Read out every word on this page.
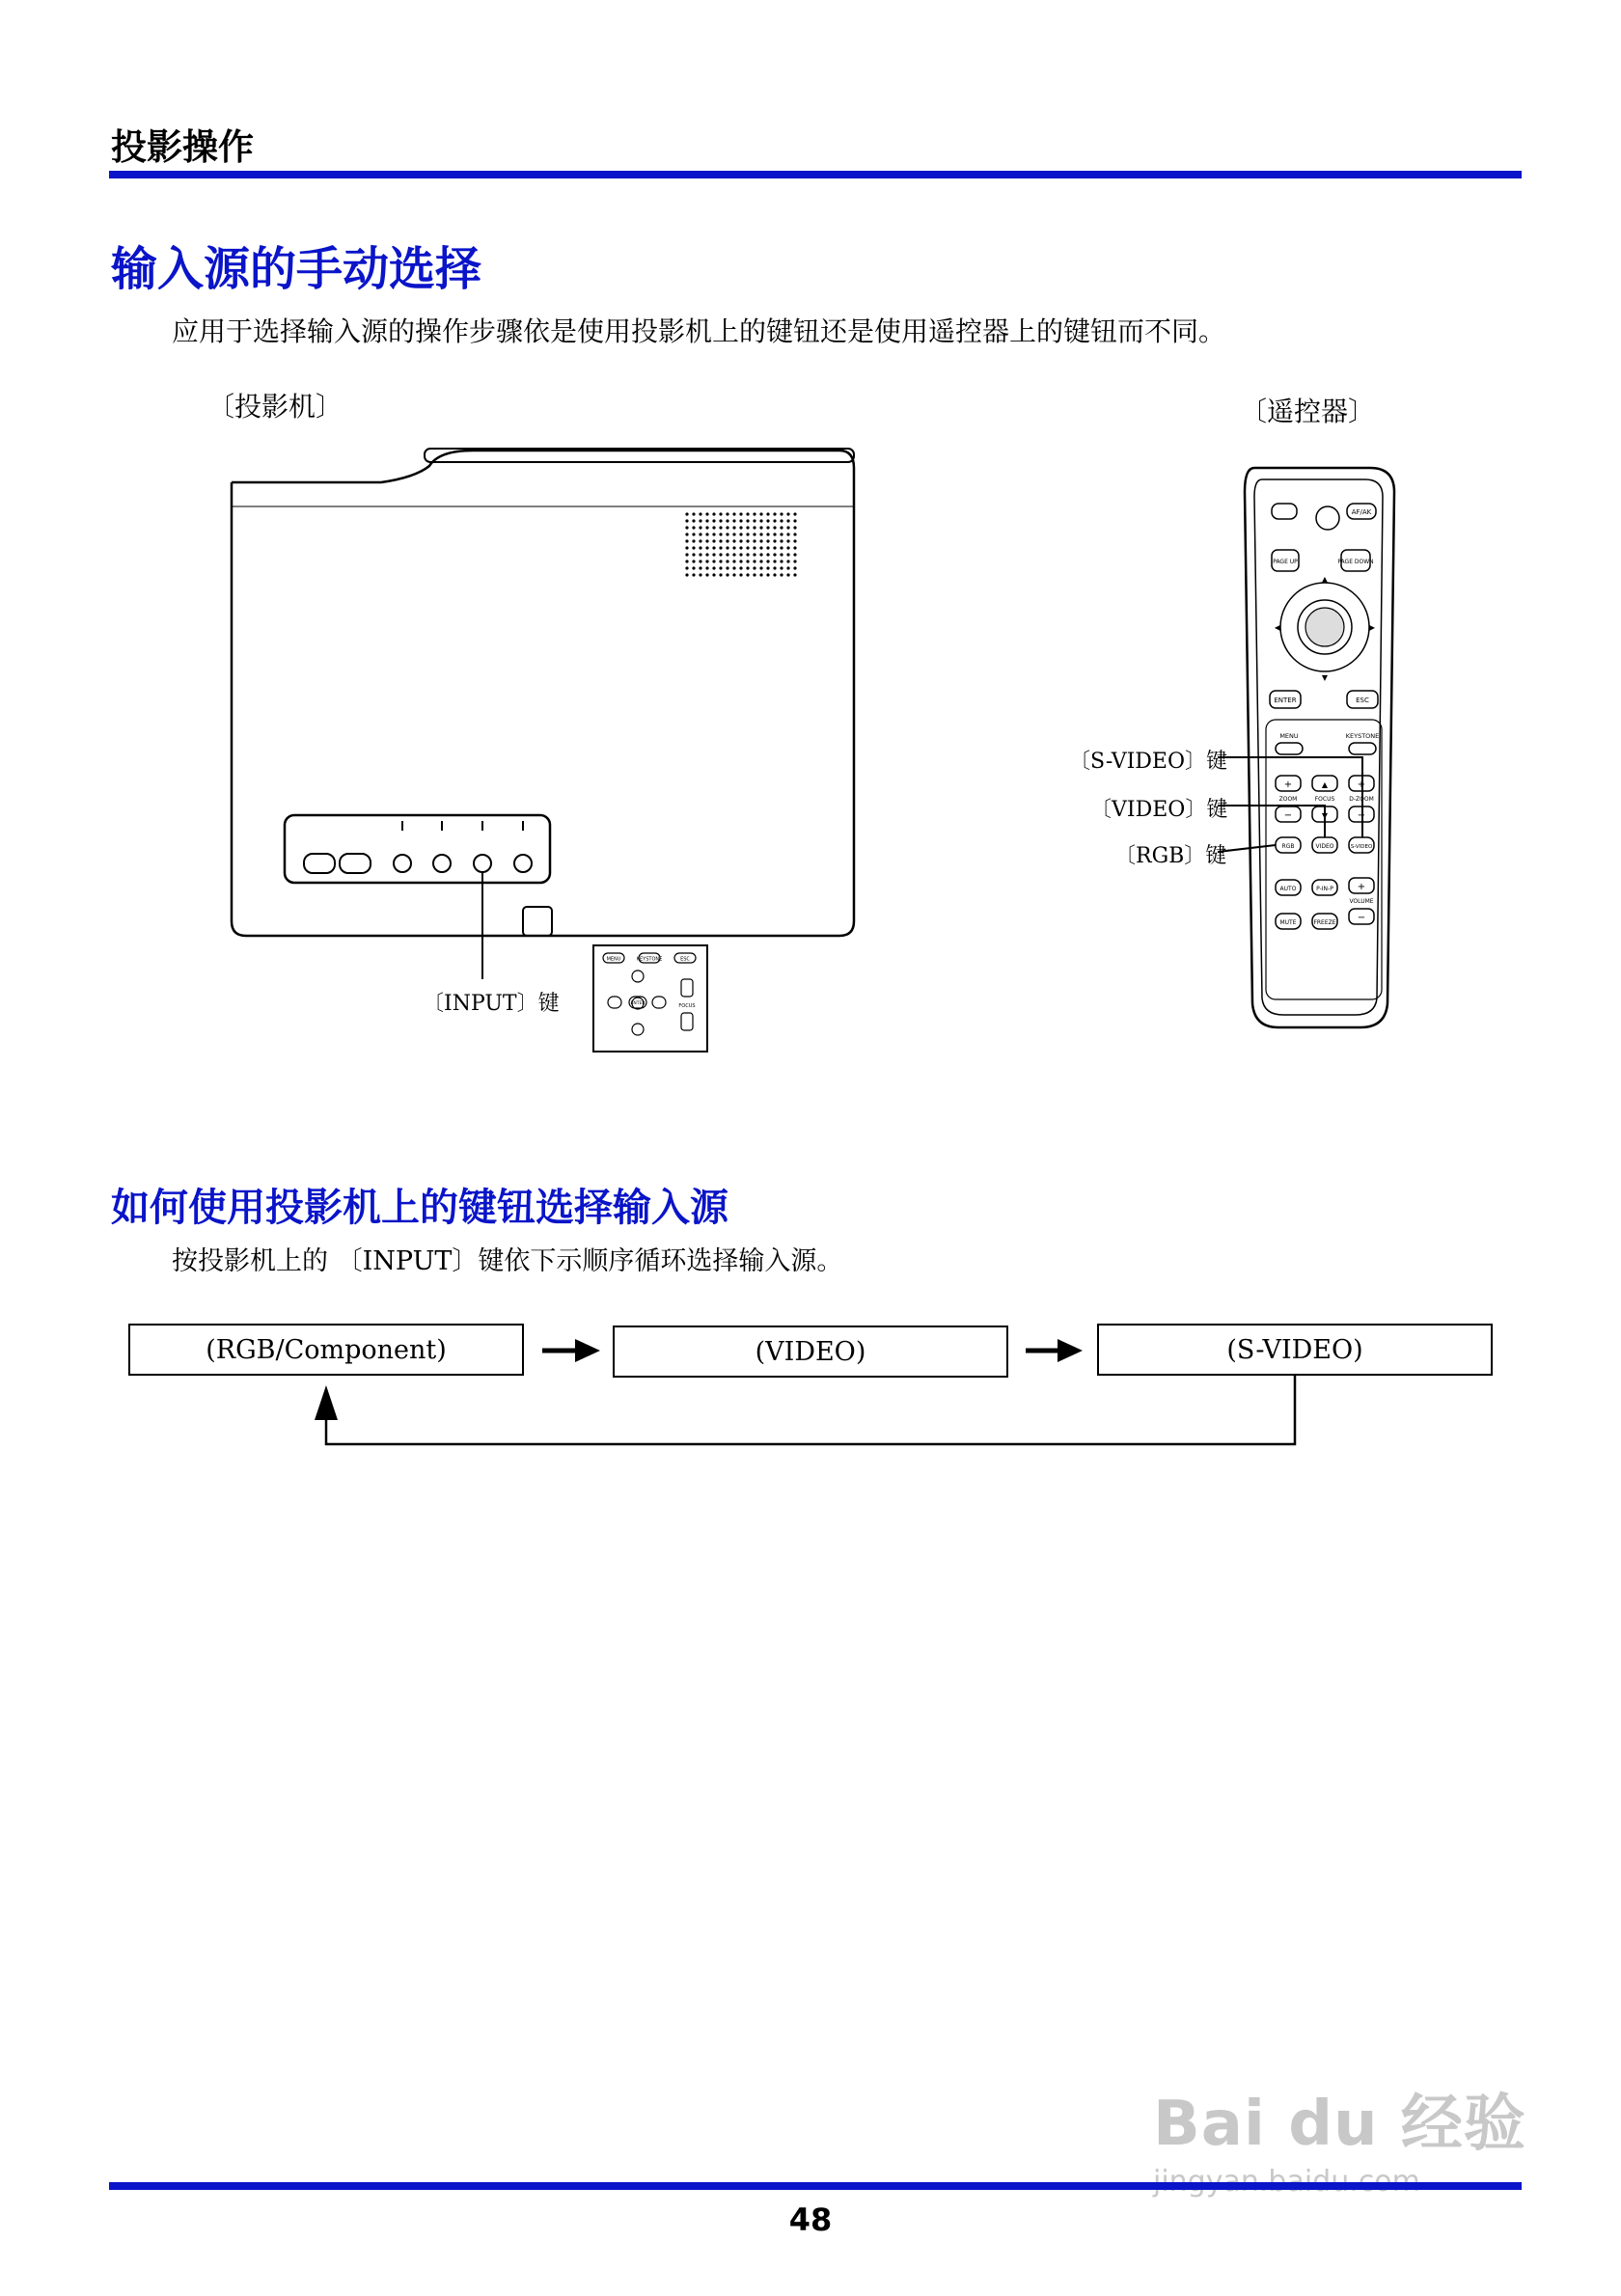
投影操作
输入源的手动选择
应用于选择输入源的操作步骤依是使用投影机上的键钮还是使用遥控器上的键钮而不同。
〔投影机〕	〔遥控器〕
MENU	KEYSTONE	ESC
ENTER	FOCUS
〔INPUT〕键
AF/AK
PAGE UP	PAGE DOWN
▲
▼
◀	▶
ENTER	ESC
MENU	KEYSTONE
+	▲	+
ZOOM	FOCUS D-ZOOM
−	▼	−
RGB	VIDEO	S-VIDEO
AUTO	P-IN-P +
VOLUME
MUTE	FREEZE −
〔S-VIDEO〕键
〔VIDEO〕键
〔RGB〕键
如何使用投影机上的键钮选择输入源
按投影机上的 〔INPUT〕键依下示顺序循环选择输入源。
(RGB/Component)	(VIDEO)	(S-VIDEO)
Bai du 经验
48
